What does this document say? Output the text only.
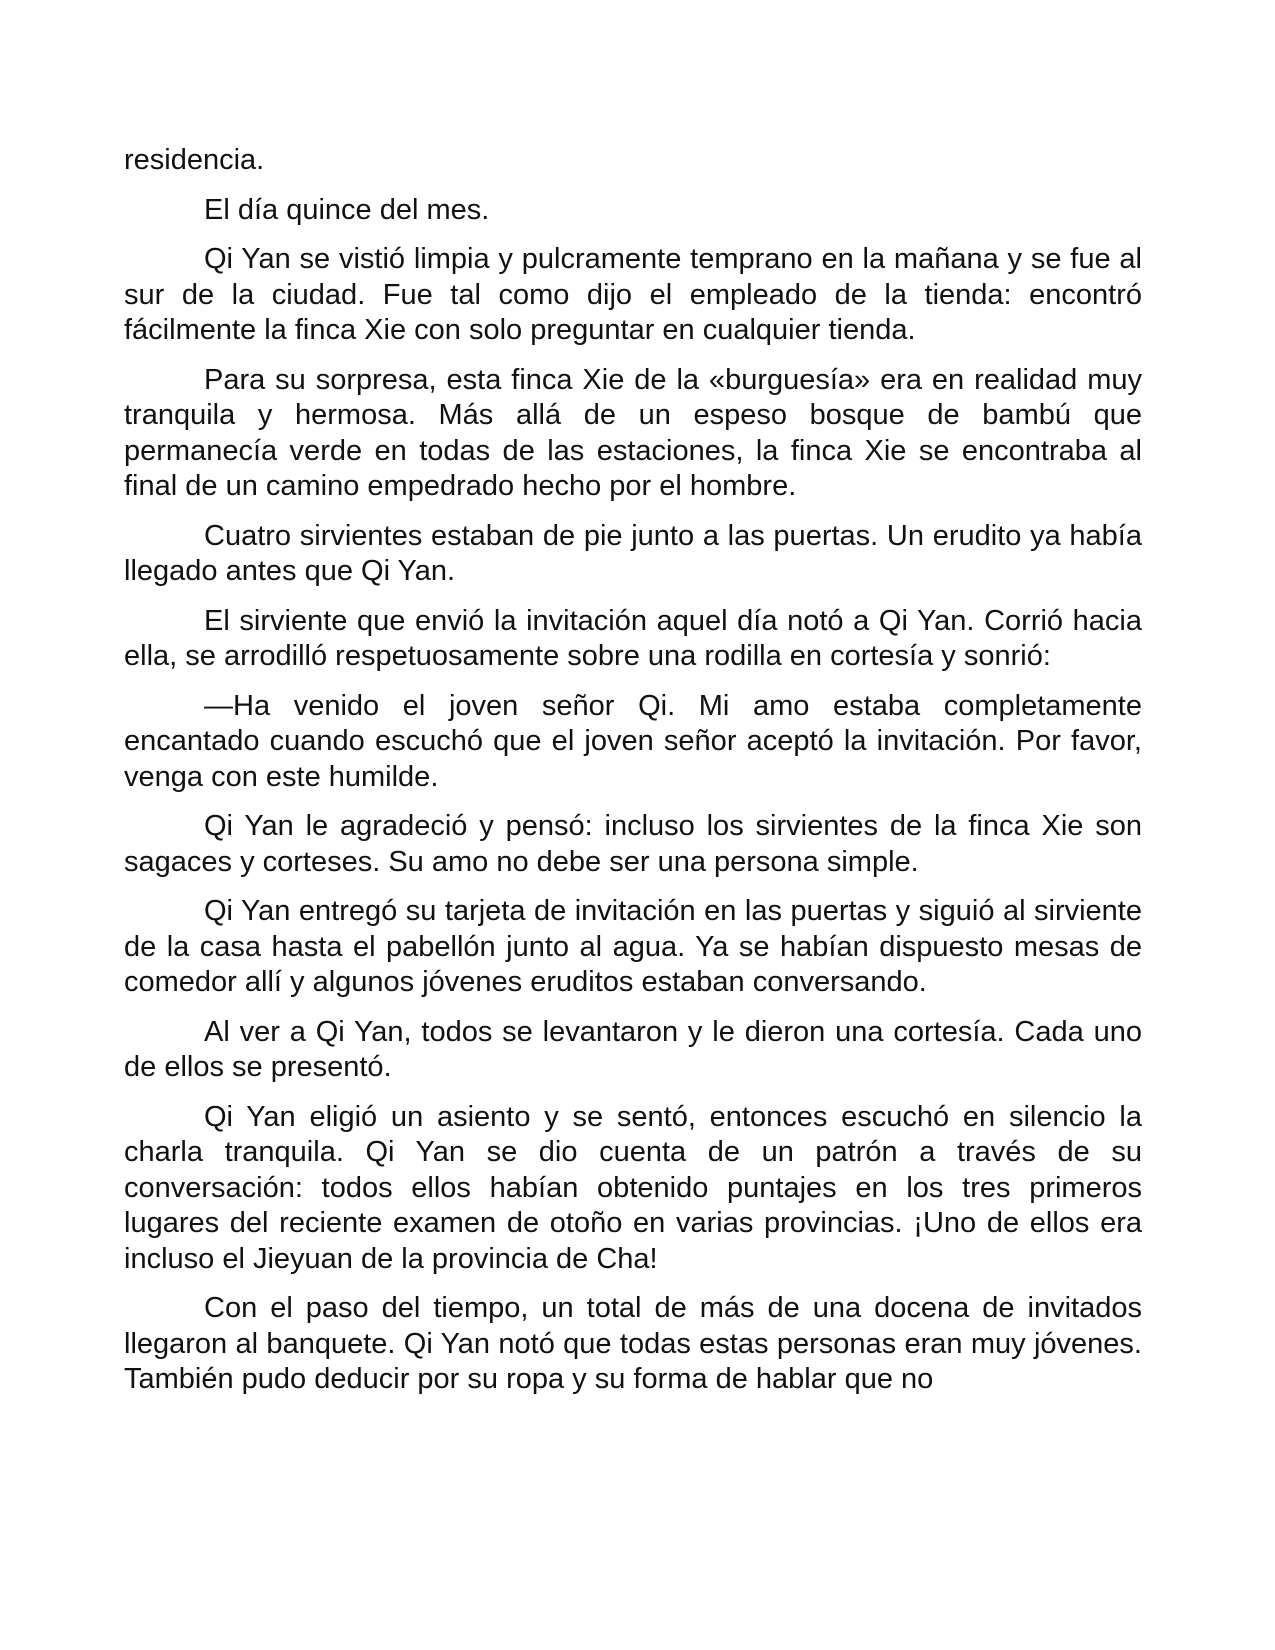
residencia.

El día quince del mes.

Qi Yan se vistió limpia y pulcramente temprano en la mañana y se fue al sur de la ciudad. Fue tal como dijo el empleado de la tienda: encontró fácilmente la finca Xie con solo preguntar en cualquier tienda.

Para su sorpresa, esta finca Xie de la «burguesía» era en realidad muy tranquila y hermosa. Más allá de un espeso bosque de bambú que permanecía verde en todas de las estaciones, la finca Xie se encontraba al final de un camino empedrado hecho por el hombre.

Cuatro sirvientes estaban de pie junto a las puertas. Un erudito ya había llegado antes que Qi Yan.

El sirviente que envió la invitación aquel día notó a Qi Yan. Corrió hacia ella, se arrodilló respetuosamente sobre una rodilla en cortesía y sonrió:

—Ha venido el joven señor Qi. Mi amo estaba completamente encantado cuando escuchó que el joven señor aceptó la invitación. Por favor, venga con este humilde.

Qi Yan le agradeció y pensó: incluso los sirvientes de la finca Xie son sagaces y corteses. Su amo no debe ser una persona simple.

Qi Yan entregó su tarjeta de invitación en las puertas y siguió al sirviente de la casa hasta el pabellón junto al agua. Ya se habían dispuesto mesas de comedor allí y algunos jóvenes eruditos estaban conversando.

Al ver a Qi Yan, todos se levantaron y le dieron una cortesía. Cada uno de ellos se presentó.

Qi Yan eligió un asiento y se sentó, entonces escuchó en silencio la charla tranquila. Qi Yan se dio cuenta de un patrón a través de su conversación: todos ellos habían obtenido puntajes en los tres primeros lugares del reciente examen de otoño en varias provincias. ¡Uno de ellos era incluso el Jieyuan de la provincia de Cha!

Con el paso del tiempo, un total de más de una docena de invitados llegaron al banquete. Qi Yan notó que todas estas personas eran muy jóvenes. También pudo deducir por su ropa y su forma de hablar que no
